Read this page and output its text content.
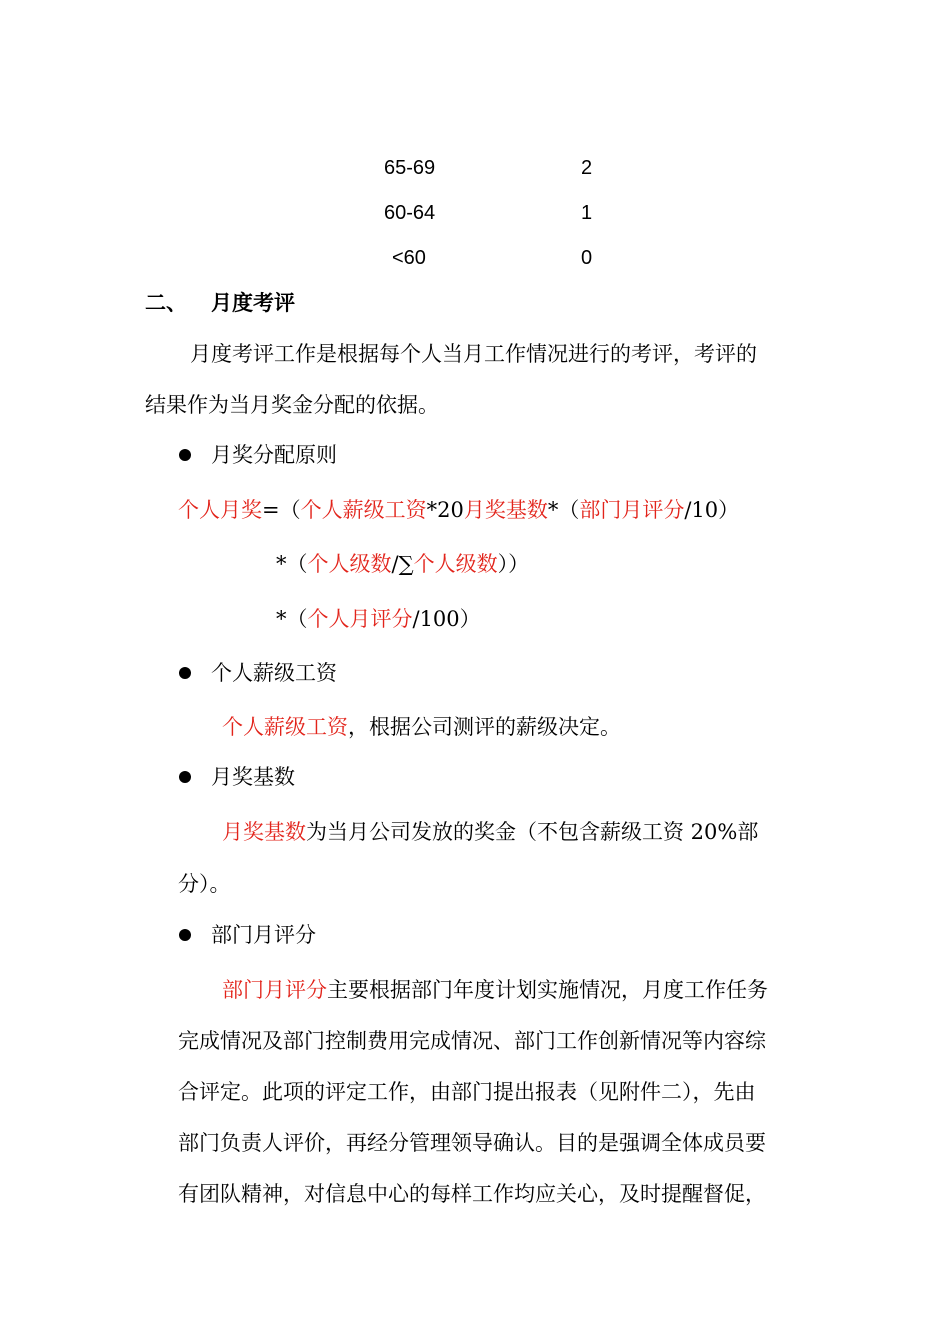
65-69	2
60-64	1
<60	0
二、 月度考评
月度考评工作是根据每个人当月工作情况进行的考评，考评的
结果作为当月奖金分配的依据。
月奖分配原则
个人月奖=（个人薪级工资*20月奖基数*（部门月评分/10）
*（个人级数/∑个人级数））
*（个人月评分/100）
个人薪级工资
个人薪级工资，根据公司测评的薪级决定。
月奖基数
月奖基数为当月公司发放的奖金（不包含薪级工资 20%部
分）。
部门月评分
部门月评分主要根据部门年度计划实施情况，月度工作任务
完成情况及部门控制费用完成情况、部门工作创新情况等内容综
合评定。此项的评定工作，由部门提出报表（见附件二），先由
部门负责人评价，再经分管理领导确认。目的是强调全体成员要
有团队精神，对信息中心的每样工作均应关心，及时提醒督促，
